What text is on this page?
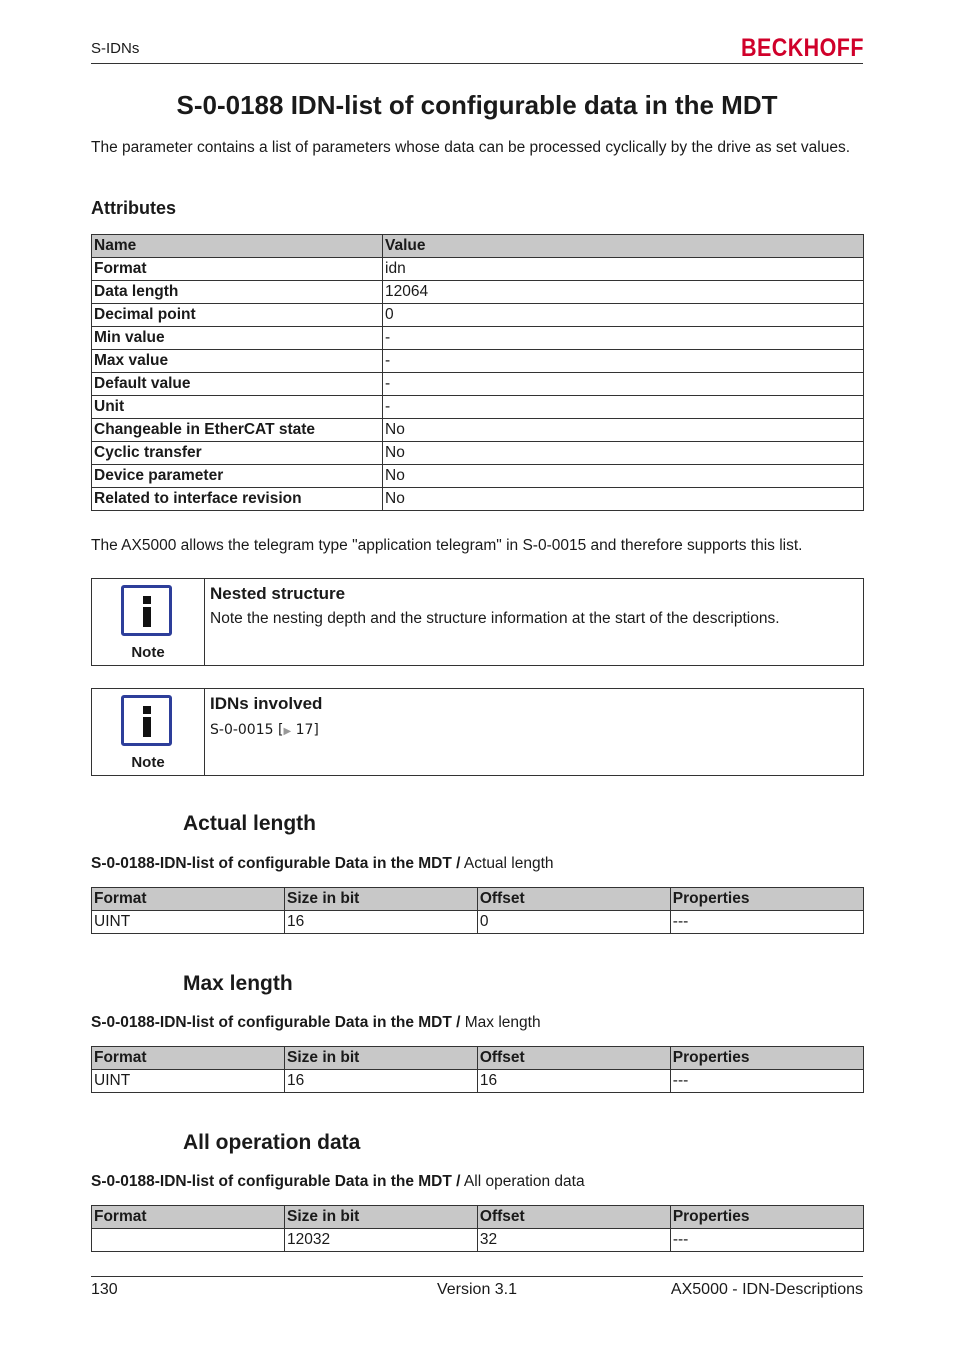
S-IDNs	BECKHOFF
S-0-0188 IDN-list of configurable data in the MDT

The parameter contains a list of parameters whose data can be processed cyclically by the drive as set values.

Attributes
Name	Value
Format	idn
Data length	12064
Decimal point	0
Min value	-
Max value	-
Default value	-
Unit	-
Changeable in EtherCAT state	No
Cyclic transfer	No
Device parameter	No
Related to interface revision	No

The AX5000 allows the telegram type "application telegram" in S-0-0015 and therefore supports this list.

Note
Nested structure
Note the nesting depth and the structure information at the start of the descriptions.
Note
IDNs involved
S-0-0015 [▶ 17]
Actual length
S-0-0188-IDN-list of configurable Data in the MDT / Actual length
Format	Size in bit	Offset	Properties
UINT	16	0	---
Max length
S-0-0188-IDN-list of configurable Data in the MDT / Max length
Format	Size in bit	Offset	Properties
UINT	16	16	---
All operation data
S-0-0188-IDN-list of configurable Data in the MDT / All operation data
Format	Size in bit	Offset	Properties
	12032	32	---
Version 3.1
130	AX5000 - IDN-Descriptions
